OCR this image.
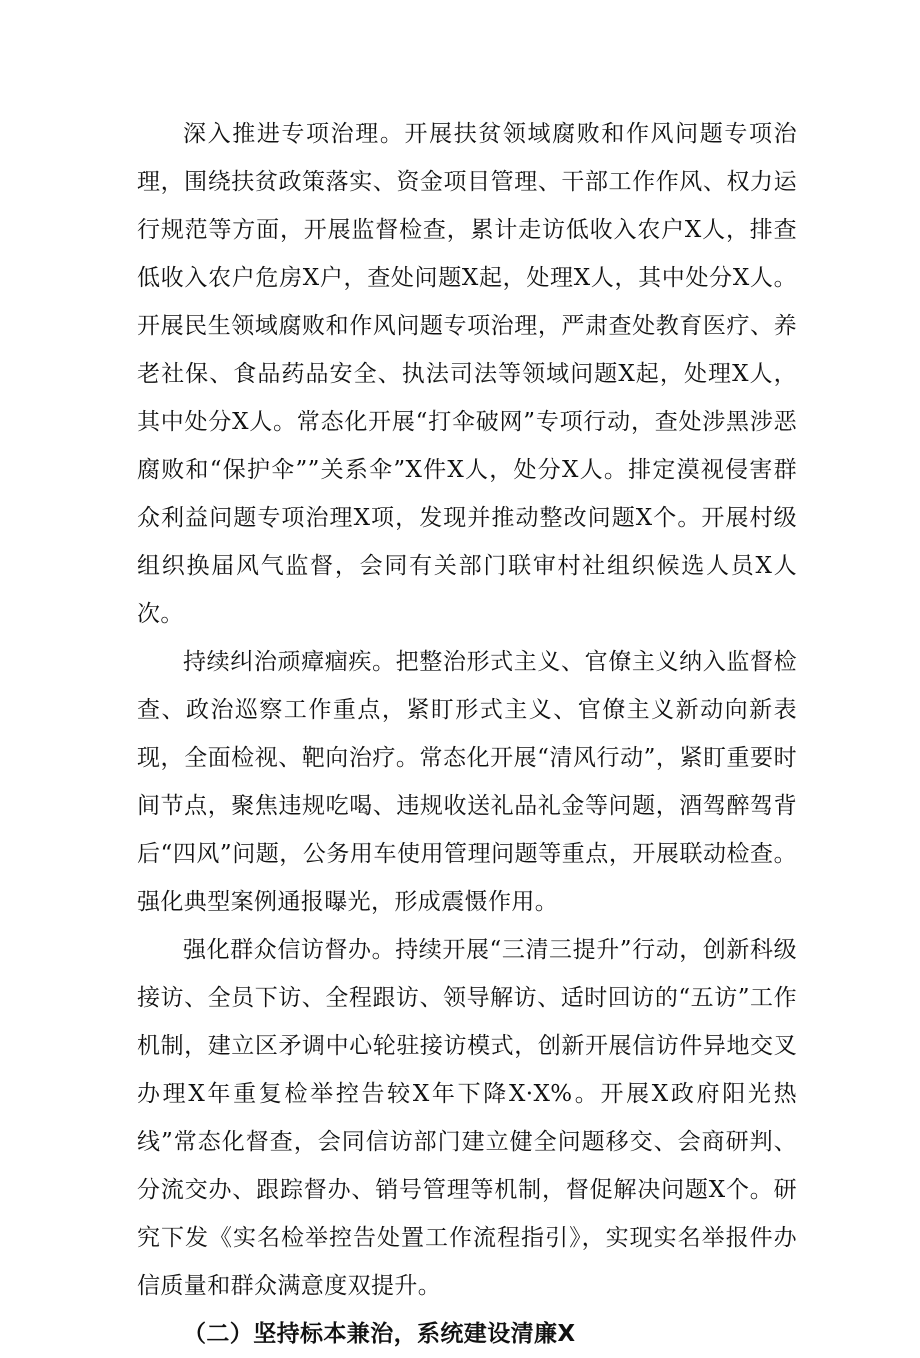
深入推进专项治理。开展扶贫领域腐败和作风问题专项治理，围绕扶贫政策落实、资金项目管理、干部工作作风、权力运行规范等方面，开展监督检查，累计走访低收入农户X人，排查低收入农户危房X户，查处问题X起，处理X人，其中处分X人。开展民生领域腐败和作风问题专项治理，严肃查处教育医疗、养老社保、食品药品安全、执法司法等领域问题X起，处理X人，其中处分X人。常态化开展“打伞破网”专项行动，查处涉黑涉恶腐败和“保护伞””关系伞”X件X人，处分X人。排定漠视侵害群众利益问题专项治理X项，发现并推动整改问题X个。开展村级组织换届风气监督，会同有关部门联审村社组织候选人员X人次。

持续纠治顽瘴痼疾。把整治形式主义、官僚主义纳入监督检查、政治巡察工作重点，紧盯形式主义、官僚主义新动向新表现，全面检视、靶向治疗。常态化开展“清风行动”，紧盯重要时间节点，聚焦违规吃喝、违规收送礼品礼金等问题，酒驾醉驾背后“四风”问题，公务用车使用管理问题等重点，开展联动检查。强化典型案例通报曝光，形成震慑作用。

强化群众信访督办。持续开展“三清三提升”行动，创新科级接访、全员下访、全程跟访、领导解访、适时回访的“五访”工作机制，建立区矛调中心轮驻接访模式，创新开展信访件异地交叉办理X年重复检举控告较X年下降X·X%。开展X政府阳光热线”常态化督查，会同信访部门建立健全问题移交、会商研判、分流交办、跟踪督办、销号管理等机制，督促解决问题X个。研究下发《实名检举控告处置工作流程指引》，实现实名举报件办信质量和群众满意度双提升。

（二）坚持标本兼治，系统建设清廉X
